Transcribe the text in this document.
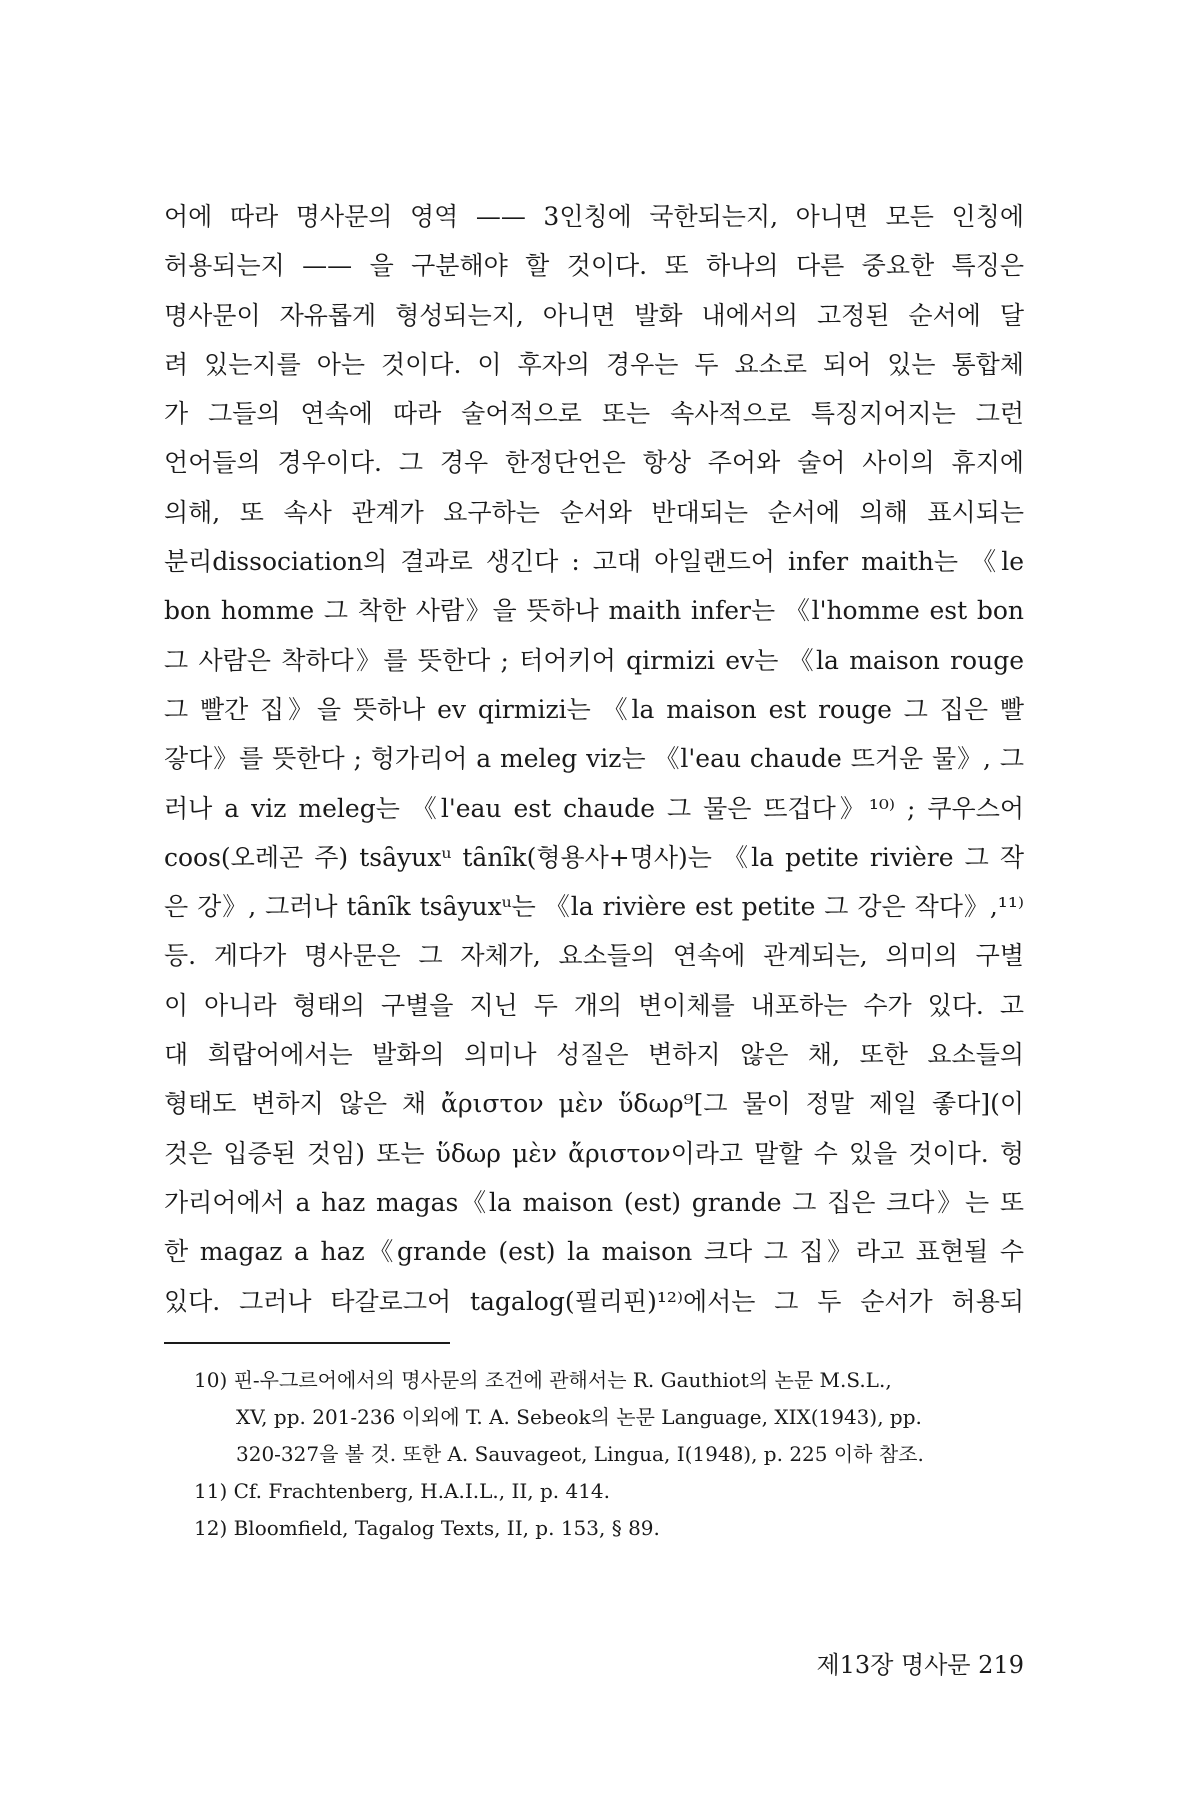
어에 따라 명사문의 영역 —— 3인칭에 국한되는지, 아니면 모든 인칭에
허용되는지 —— 을 구분해야 할 것이다. 또 하나의 다른 중요한 특징은
명사문이 자유롭게 형성되는지, 아니면 발화 내에서의 고정된 순서에 달
려 있는지를 아는 것이다. 이 후자의 경우는 두 요소로 되어 있는 통합체
가 그들의 연속에 따라 술어적으로 또는 속사적으로 특징지어지는 그런
언어들의 경우이다. 그 경우 한정단언은 항상 주어와 술어 사이의 휴지에
의해, 또 속사 관계가 요구하는 순서와 반대되는 순서에 의해 표시되는
분리dissociation의 결과로 생긴다 : 고대 아일랜드어 infer maith는 《le
bon homme 그 착한 사람》을 뜻하나 maith infer는 《l'homme est bon
그 사람은 착하다》를 뜻한다 ; 터어키어 qirmizi ev는 《la maison rouge
그 빨간 집》을 뜻하나 ev qirmizi는 《la maison est rouge 그 집은 빨
갛다》를 뜻한다 ; 헝가리어 a meleg viz는 《l'eau chaude 뜨거운 물》, 그
러나 a viz meleg는 《l'eau est chaude 그 물은 뜨겁다》¹⁰⁾ ; 쿠우스어
coos(오레곤 주) tsȃyuxᵘ tȃnȋk(형용사+명사)는 《la petite rivière 그 작
은 강》, 그러나 tȃnȋk tsȃyuxᵘ는 《la rivière est petite 그 강은 작다》,¹¹⁾
등. 게다가 명사문은 그 자체가, 요소들의 연속에 관계되는, 의미의 구별
이 아니라 형태의 구별을 지닌 두 개의 변이체를 내포하는 수가 있다. 고
대 희랍어에서는 발화의 의미나 성질은 변하지 않은 채, 또한 요소들의
형태도 변하지 않은 채 ἄριστον μὲν ὕδωρ⁹[그 물이 정말 제일 좋다](이
것은 입증된 것임) 또는 ὕδωρ μὲν ἄριστον이라고 말할 수 있을 것이다. 헝
가리어에서 a haz magas《la maison (est) grande 그 집은 크다》는 또
한 magaz a haz《grande (est) la maison 크다 그 집》라고 표현될 수
있다. 그러나 타갈로그어 tagalog(필리핀)¹²⁾에서는 그 두 순서가 허용되
10) 핀-우그르어에서의 명사문의 조건에 관해서는 R. Gauthiot의 논문 M.S.L.,
XV, pp. 201-236 이외에 T. A. Sebeok의 논문 Language, XIX(1943), pp.
320-327을 볼 것. 또한 A. Sauvageot, Lingua, I(1948), p. 225 이하 참조.
11) Cf. Frachtenberg, H.A.I.L., II, p. 414.
12) Bloomfield, Tagalog Texts, II, p. 153, § 89.
제13장 명사문 219
